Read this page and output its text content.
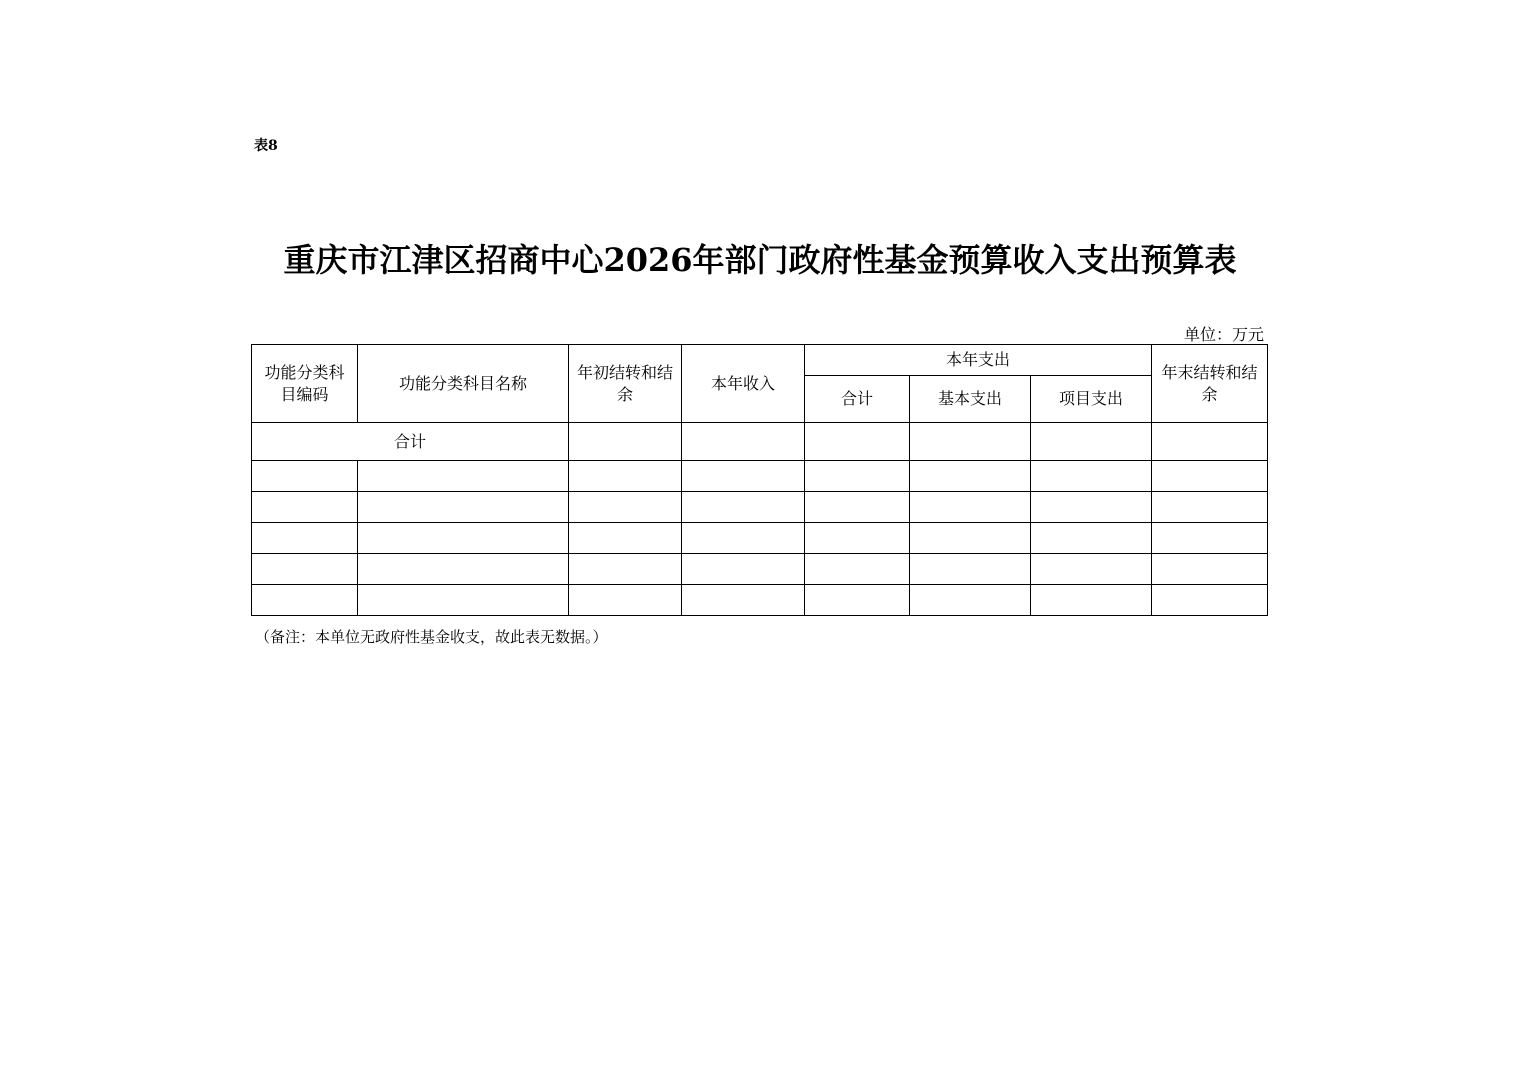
表8
重庆市江津区招商中心2026年部门政府性基金预算收入支出预算表
单位：万元
功能分类科目编码	功能分类科目名称	年初结转和结余	本年收入	本年支出			年末结转和结余
				合计	基本支出	项目支出	
合计							

（备注：本单位无政府性基金收支，故此表无数据。）
